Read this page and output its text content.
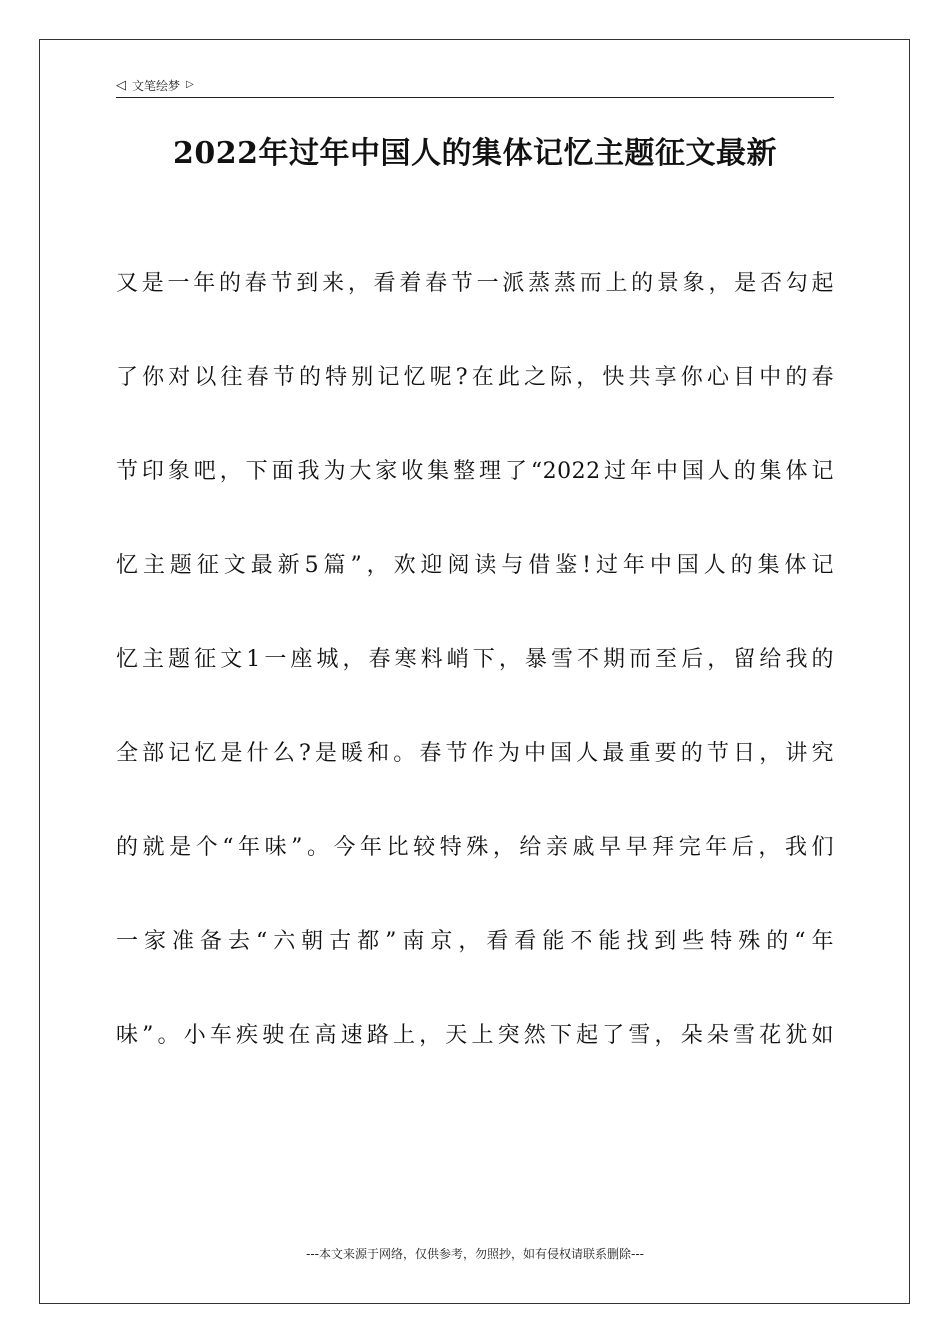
◁ 文笔绘梦 ▷
2022年过年中国人的集体记忆主题征文最新
又是一年的春节到来，看着春节一派蒸蒸而上的景象，是否勾起
了你对以往春节的特别记忆呢?在此之际，快共享你心目中的春
节印象吧，下面我为大家收集整理了“2022过年中国人的集体记
忆主题征文最新5篇”，欢迎阅读与借鉴!过年中国人的集体记
忆主题征文1一座城，春寒料峭下，暴雪不期而至后，留给我的
全部记忆是什么?是暖和。春节作为中国人最重要的节日，讲究
的就是个“年味”。今年比较特殊，给亲戚早早拜完年后，我们
一家准备去“六朝古都”南京，看看能不能找到些特殊的“年
味”。小车疾驶在高速路上，天上突然下起了雪，朵朵雪花犹如
---本文来源于网络，仅供参考，勿照抄，如有侵权请联系删除---
